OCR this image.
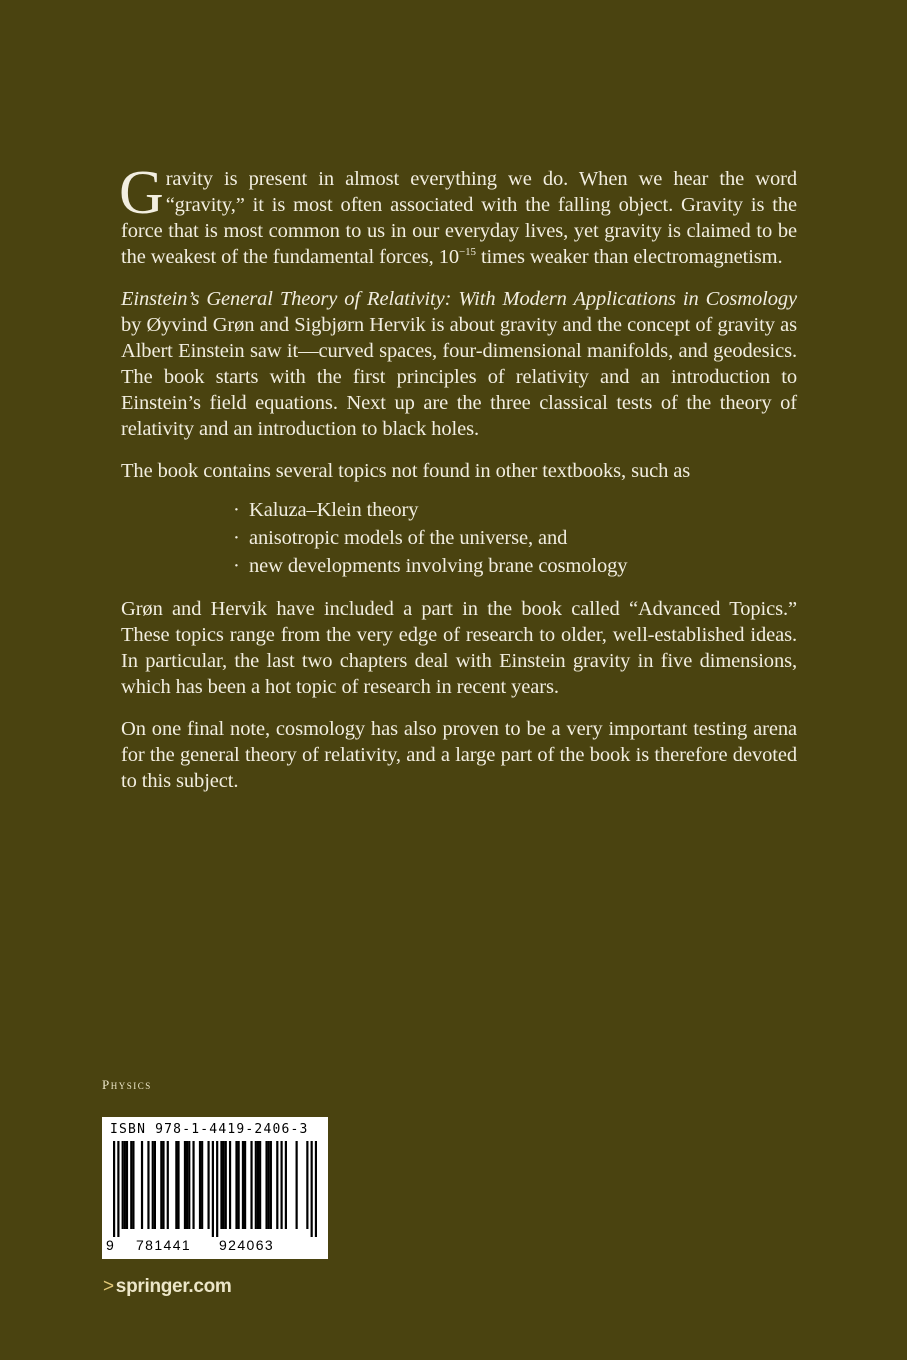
Gravity is present in almost everything we do. When we hear the word “gravity,” it is most often associated with the falling object. Gravity is the force that is most common to us in our everyday lives, yet gravity is claimed to be the weakest of the fundamental forces, $10^{-15}$ times weaker than electromagnetism.

Einstein’s General Theory of Relativity: With Modern Applications in Cosmology by Øyvind Grøn and Sigbjørn Hervik is about gravity and the concept of gravity as Albert Einstein saw it—curved spaces, four-dimensional manifolds, and geodesics. The book starts with the first principles of relativity and an introduction to Einstein’s field equations. Next up are the three classical tests of the theory of relativity and an introduction to black holes.

The book contains several topics not found in other textbooks, such as

· Kaluza–Klein theory
· anisotropic models of the universe, and
· new developments involving brane cosmology

Grøn and Hervik have included a part in the book called “Advanced Topics.” These topics range from the very edge of research to older, well-established ideas. In particular, the last two chapters deal with Einstein gravity in five dimensions, which has been a hot topic of research in recent years.

On one final note, cosmology has also proven to be a very important testing arena for the general theory of relativity, and a large part of the book is therefore devoted to this subject.

Physics
ISBN 978-1-4419-2406-3
9 781441 924063
> springer.com
